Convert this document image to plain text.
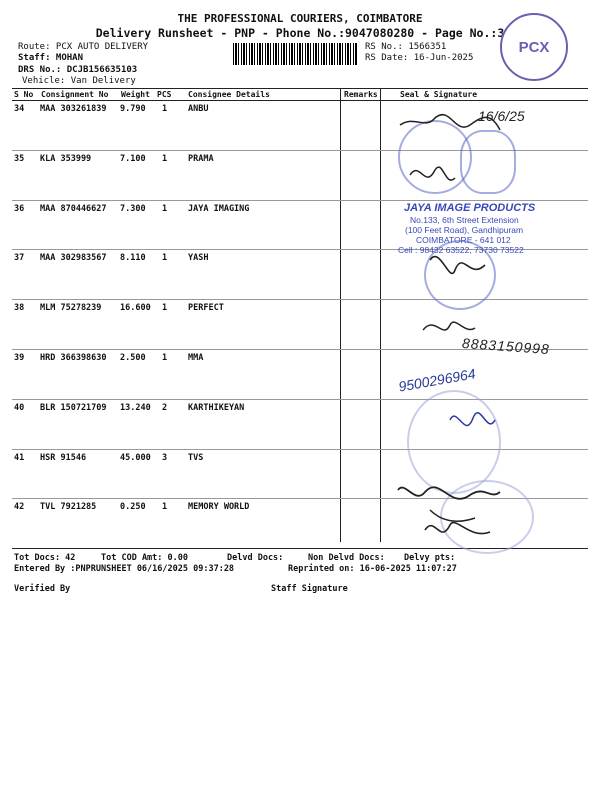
THE PROFESSIONAL COURIERS, COIMBATORE
Delivery Runsheet - PNP - Phone No.:9047080280 - Page No.:3
Route: PCX AUTO DELIVERY
Staff: MOHAN
DRS No.: DCJB156635103
Vehicle: Van Delivery
RS No.: 1566351
RS Date: 16-Jun-2025
PCX
S No Consignment No Weight PCS Consignee Details	Remarks	Seal & Signature
34 MAA 303261839 9.790 1 ANBU
35 KLA 353999	7.100 1 PRAMA
36 MAA 870446627 7.300 1 JAYA IMAGING
37 MAA 302983567 8.110 1 YASH
38 MLM 75278239 16.600 1 PERFECT
39 HRD 366398630 2.500 1 MMA
40 BLR 150721709 13.240 2 KARTHIKEYAN
41 HSR 91546	45.000 3 TVS
42 TVL 7921285	0.250 1 MEMORY WORLD
JAYA IMAGE PRODUCTS
No.133, 6th Street Extension
(100 Feet Road), Gandhipuram
COIMBATORE - 641 012
Cell : 98432 63522, 73730 73522
16/6/25
8883150998
9500296964
Tot Docs: 42	Tot COD Amt: 0.00	Delvd Docs:	Non Delvd Docs: Delvy pts:
Entered By :PNPRUNSHEET 06/16/2025 09:37:28	Reprinted on: 16-06-2025 11:07:27
Verified By	Staff Signature
